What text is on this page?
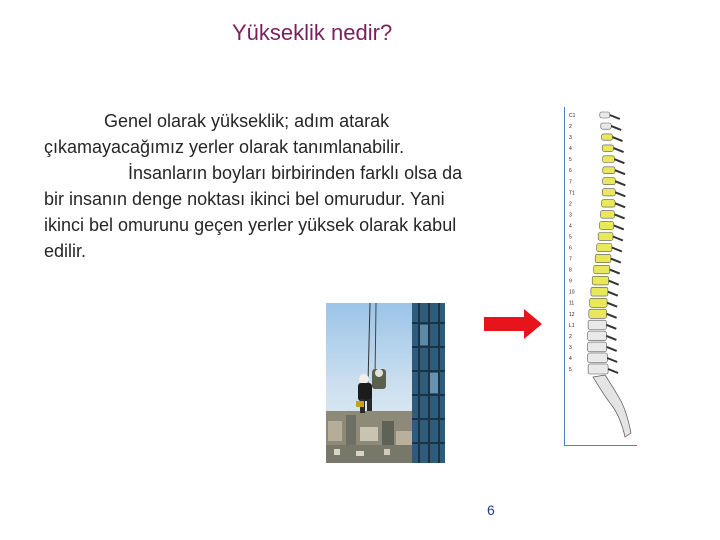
Yükseklik nedir?

Genel olarak yükseklik; adım atarak çıkamayacağımız yerler olarak tanımlanabilir.

İnsanların boyları birbirinden farklı olsa da bir insanın denge noktası ikinci bel omurudur. Yani ikinci bel omurunu geçen yerler yüksek olarak kabul edilir.

C1
2
3
4
5
6
7
T1
2
3
4
5
6
7
8
9
10
11
12
L1
2
3
4
5
6
